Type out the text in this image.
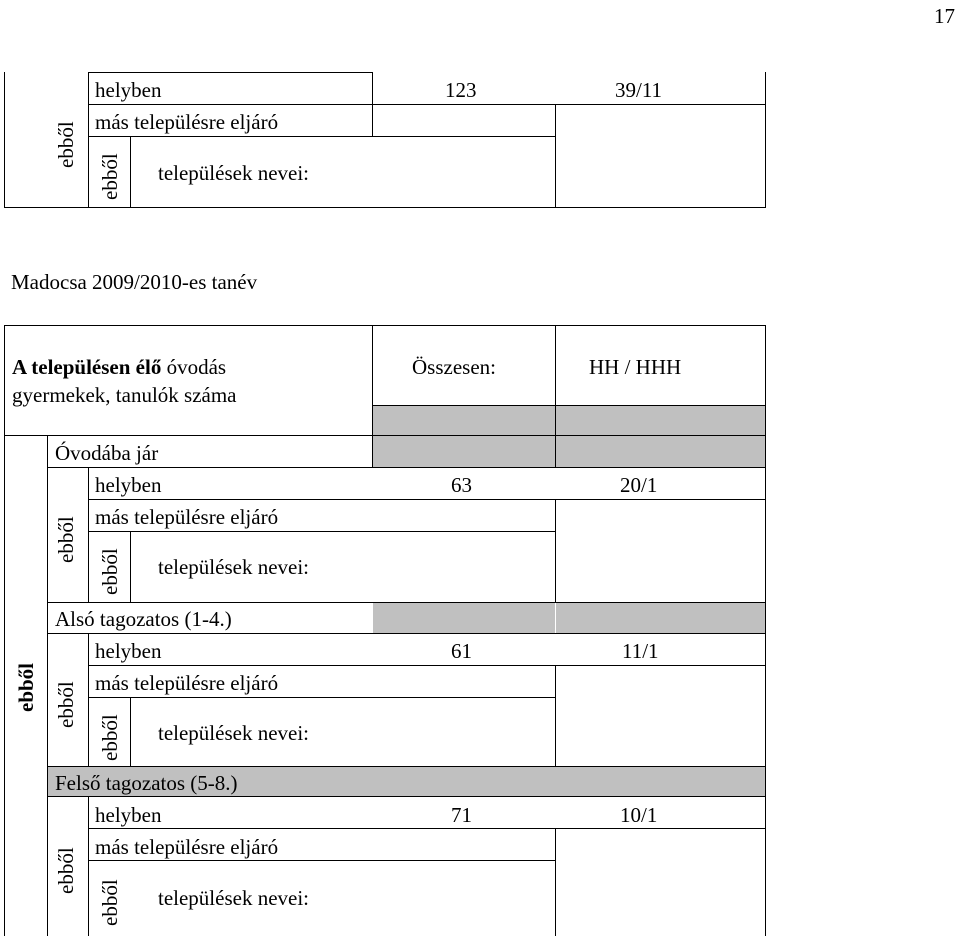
17
helyben	123	39/11
más településre eljáró
települések nevei:
ebből
ebből
Madocsa 2009/2010-es tanév
A településen élő óvodás
gyermekek, tanulók száma
Összesen:	HH / HHH
ebből
Óvodába jár
helyben	63	20/1
más településre eljáró
települések nevei:
ebből
ebből
Alsó tagozatos (1-4.)
helyben	61	11/1
más településre eljáró
települések nevei:
ebből
ebből
Felső tagozatos (5-8.)
helyben	71	10/1
más településre eljáró
települések nevei:
ebből
ebből
